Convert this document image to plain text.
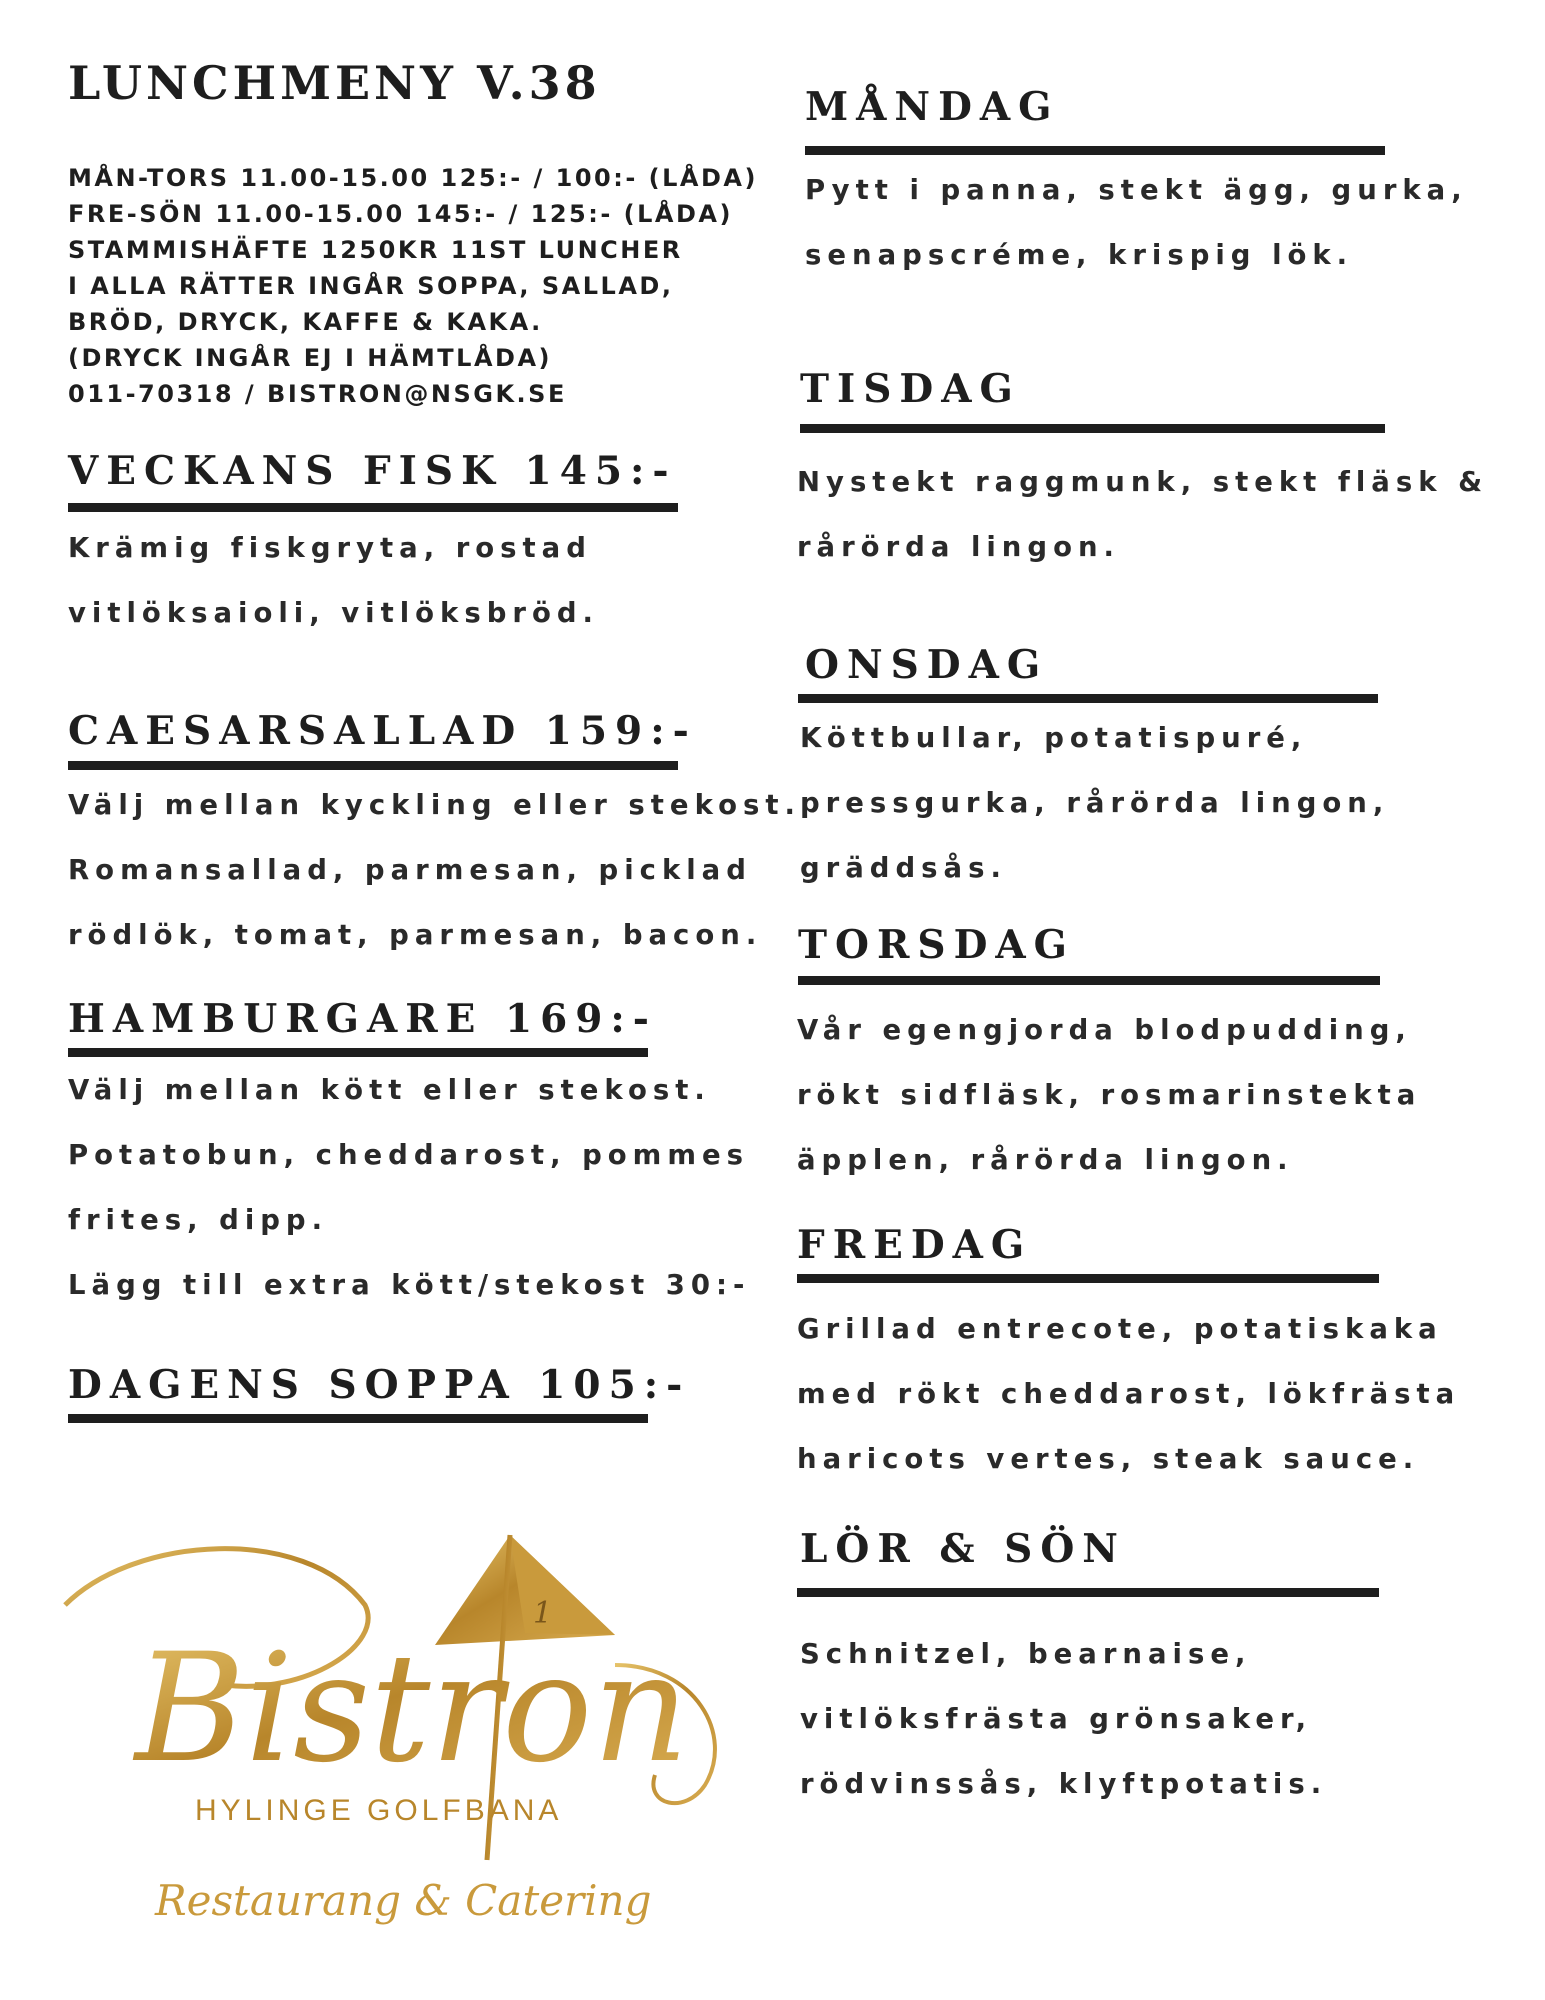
LUNCHMENY V.38
MÅN-TORS 11.00-15.00 125:- / 100:- (LÅDA)
FRE-SÖN 11.00-15.00 145:- / 125:- (LÅDA)
STAMMISHÄFTE 1250KR 11ST LUNCHER
I ALLA RÄTTER INGÅR SOPPA, SALLAD,
BRÖD, DRYCK, KAFFE & KAKA.
(DRYCK INGÅR EJ I HÄMTLÅDA)
011-70318 / BISTRON@NSGK.SE
VECKANS FISK 145:-
Krämig fiskgryta, rostad
vitlöksaioli, vitlöksbröd.
CAESARSALLAD 159:-
Välj mellan kyckling eller stekost.
Romansallad, parmesan, picklad
rödlök, tomat, parmesan, bacon.
HAMBURGARE 169:-
Välj mellan kött eller stekost.
Potatobun, cheddarost, pommes
frites, dipp.
Lägg till extra kött/stekost 30:-
DAGENS SOPPA 105:-
MÅNDAG
Pytt i panna, stekt ägg, gurka,
senapscréme, krispig lök.
TISDAG
Nystekt raggmunk, stekt fläsk &
rårörda lingon.
ONSDAG
Köttbullar, potatispuré,
pressgurka, rårörda lingon,
gräddsås.
TORSDAG
Vår egengjorda blodpudding,
rökt sidfläsk, rosmarinstekta
äpplen, rårörda lingon.
FREDAG
Grillad entrecote, potatiskaka
med rökt cheddarost, lökfrästa
haricots vertes, steak sauce.
LÖR & SÖN
Schnitzel, bearnaise,
vitlöksfrästa grönsaker,
rödvinssås, klyftpotatis.
1
Bistron
HYLINGE GOLFBANA
Restaurang & Catering
